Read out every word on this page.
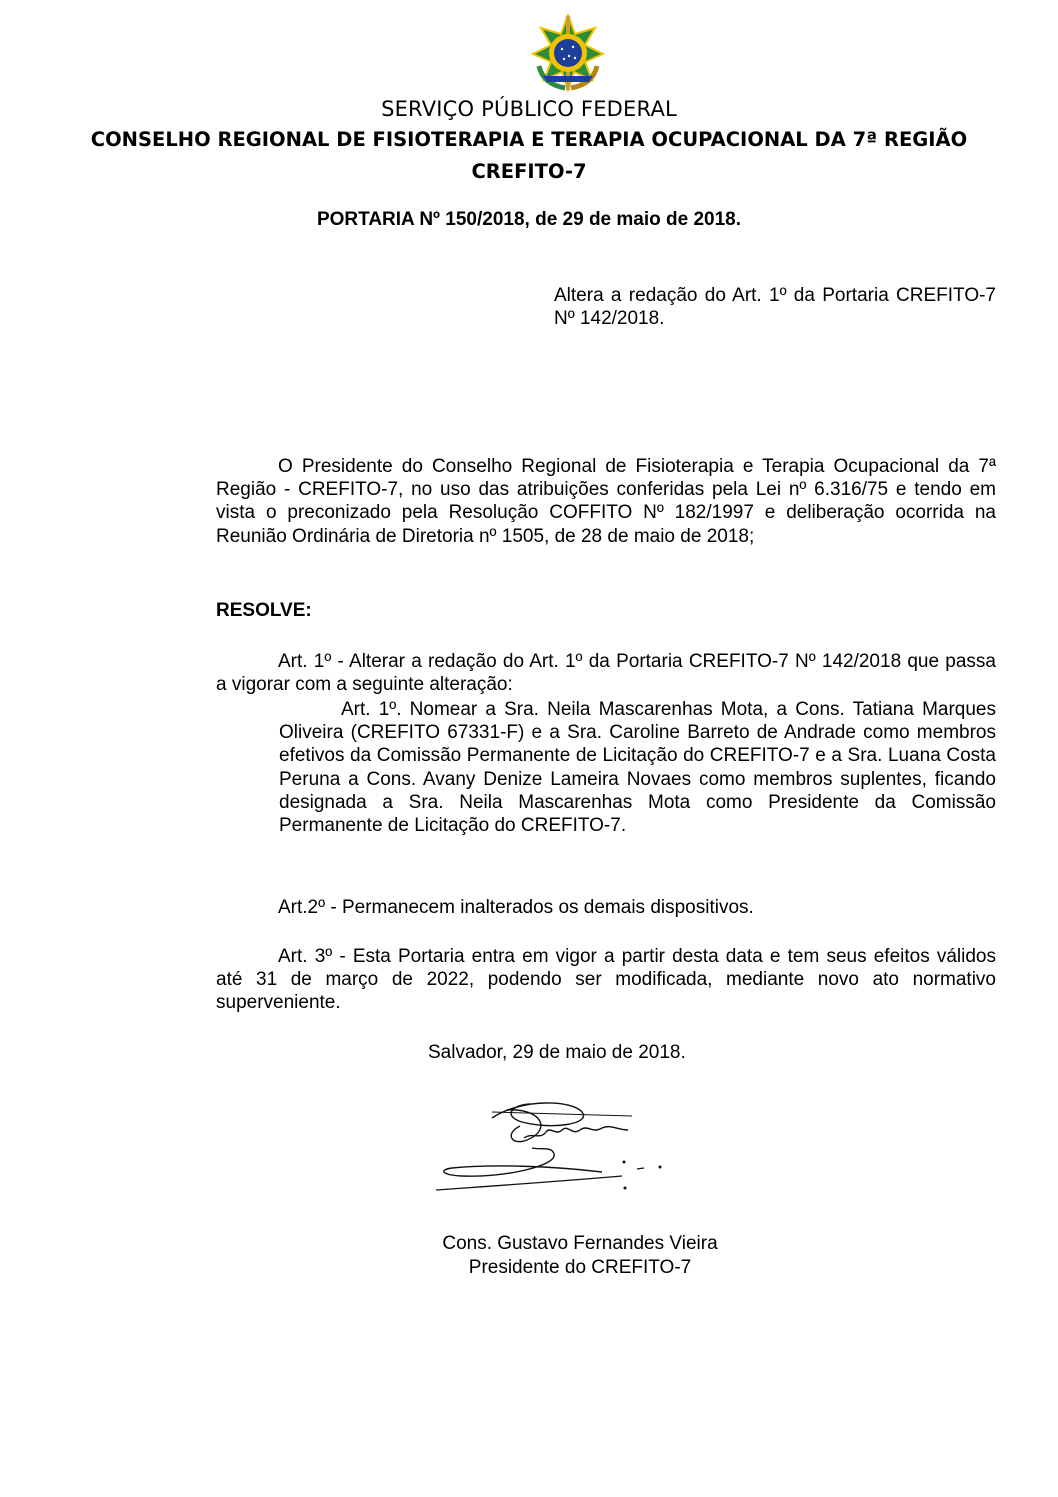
SERVIÇO PÚBLICO FEDERAL
CONSELHO REGIONAL DE FISIOTERAPIA E TERAPIA OCUPACIONAL DA 7ª REGIÃO
CREFITO-7
PORTARIA Nº 150/2018, de 29 de maio de 2018.
Altera a redação do Art. 1º da Portaria CREFITO-7 Nº 142/2018.
O Presidente do Conselho Regional de Fisioterapia e Terapia Ocupacional da 7ª Região - CREFITO-7, no uso das atribuições conferidas pela Lei nº 6.316/75 e tendo em vista o preconizado pela Resolução COFFITO Nº 182/1997 e deliberação ocorrida na Reunião Ordinária de Diretoria nº 1505, de 28 de maio de 2018;
RESOLVE:
Art. 1º - Alterar a redação do Art. 1º da Portaria CREFITO-7 Nº 142/2018 que passa a vigorar com a seguinte alteração:
Art. 1º. Nomear a Sra. Neila Mascarenhas Mota, a Cons. Tatiana Marques Oliveira (CREFITO 67331-F) e a Sra. Caroline Barreto de Andrade como membros efetivos da Comissão Permanente de Licitação do CREFITO-7 e a Sra. Luana Costa Peruna a Cons. Avany Denize Lameira Novaes como membros suplentes, ficando designada a Sra. Neila Mascarenhas Mota como Presidente da Comissão Permanente de Licitação do CREFITO-7.
Art.2º - Permanecem inalterados os demais dispositivos.
Art. 3º - Esta Portaria entra em vigor a partir desta data e tem seus efeitos válidos até 31 de março de 2022, podendo ser modificada, mediante novo ato normativo superveniente.
Salvador, 29 de maio de 2018.
Cons. Gustavo Fernandes Vieira
Presidente do CREFITO-7
